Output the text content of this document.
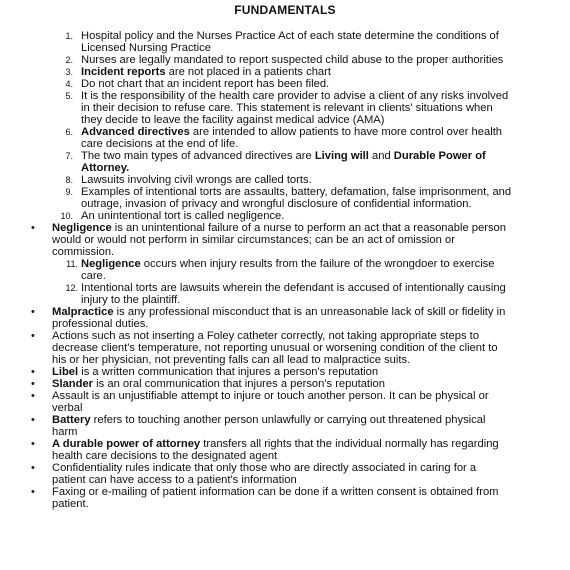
FUNDAMENTALS
1. Hospital policy and the Nurses Practice Act of each state determine the conditions of
Licensed Nursing Practice
2. Nurses are legally mandated to report suspected child abuse to the proper authorities
3. Incident reports are not placed in a patients chart
4. Do not chart that an incident report has been filed.
5. It is the responsibility of the health care provider to advise a client of any risks involved
in their decision to refuse care. This statement is relevant in clients' situations when
they decide to leave the facility against medical advice (AMA)
6. Advanced directives are intended to allow patients to have more control over health
care decisions at the end of life.
7. The two main types of advanced directives are Living will and Durable Power of
Attorney.
8. Lawsuits involving civil wrongs are called torts.
9. Examples of intentional torts are assaults, battery, defamation, false imprisonment, and
outrage, invasion of privacy and wrongful disclosure of confidential information.
10. An unintentional tort is called negligence.
• Negligence is an unintentional failure of a nurse to perform an act that a reasonable person
would or would not perform in similar circumstances; can be an act of omission or
commission.
11. Negligence occurs when injury results from the failure of the wrongdoer to exercise
care.
12. Intentional torts are lawsuits wherein the defendant is accused of intentionally causing
injury to the plaintiff.
• Malpractice is any professional misconduct that is an unreasonable lack of skill or fidelity in
professional duties.
• Actions such as not inserting a Foley catheter correctly, not taking appropriate steps to
decrease client's temperature, not reporting unusual or worsening condition of the client to
his or her physician, not preventing falls can all lead to malpractice suits.
• Libel is a written communication that injures a person's reputation
• Slander is an oral communication that injures a person's reputation
• Assault is an unjustifiable attempt to injure or touch another person. It can be physical or
verbal
• Battery refers to touching another person unlawfully or carrying out threatened physical
harm
• A durable power of attorney transfers all rights that the individual normally has regarding
health care decisions to the designated agent
• Confidentiality rules indicate that only those who are directly associated in caring for a
patient can have access to a patient's information
• Faxing or e-mailing of patient information can be done if a written consent is obtained from
patient.
